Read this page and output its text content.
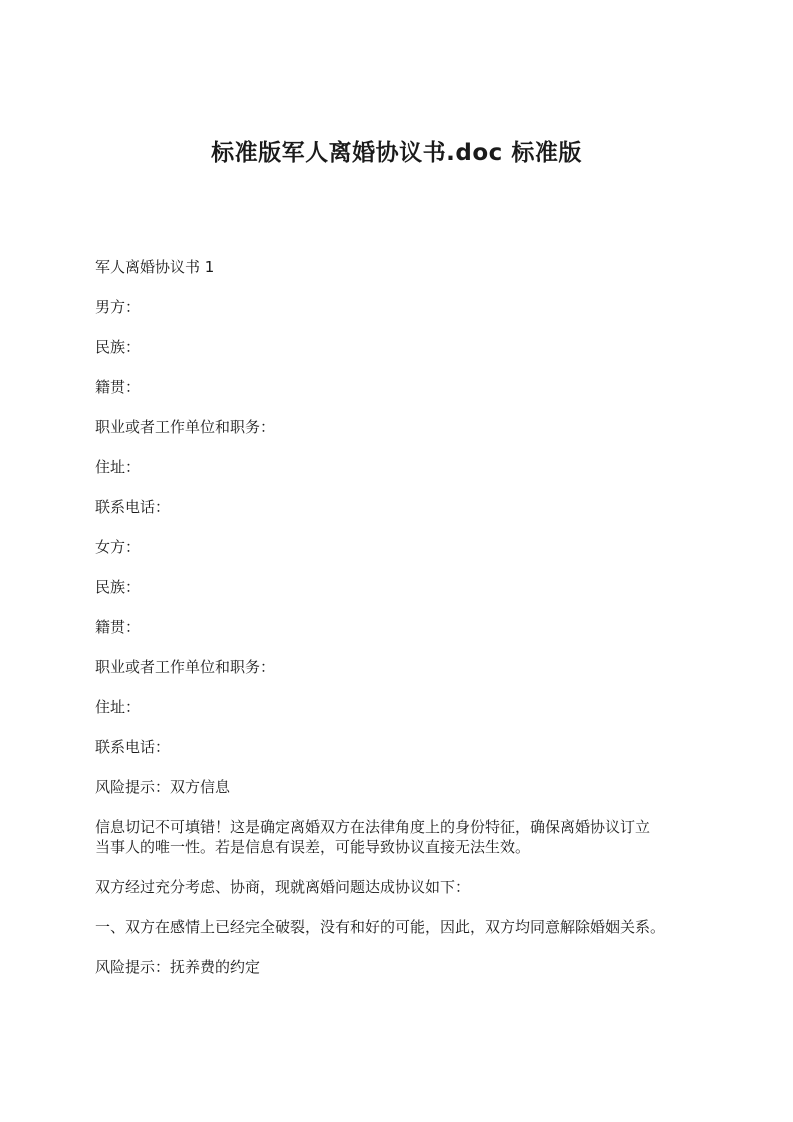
标准版军人离婚协议书.doc 标准版
军人离婚协议书 1
男方：
民族：
籍贯：
职业或者工作单位和职务：
住址：
联系电话：
女方：
民族：
籍贯：
职业或者工作单位和职务：
住址：
联系电话：
风险提示：双方信息
信息切记不可填错！这是确定离婚双方在法律角度上的身份特征，确保离婚协议订立
当事人的唯一性。若是信息有误差，可能导致协议直接无法生效。
双方经过充分考虑、协商，现就离婚问题达成协议如下：
一、双方在感情上已经完全破裂，没有和好的可能，因此，双方均同意解除婚姻关系。
风险提示：抚养费的约定
